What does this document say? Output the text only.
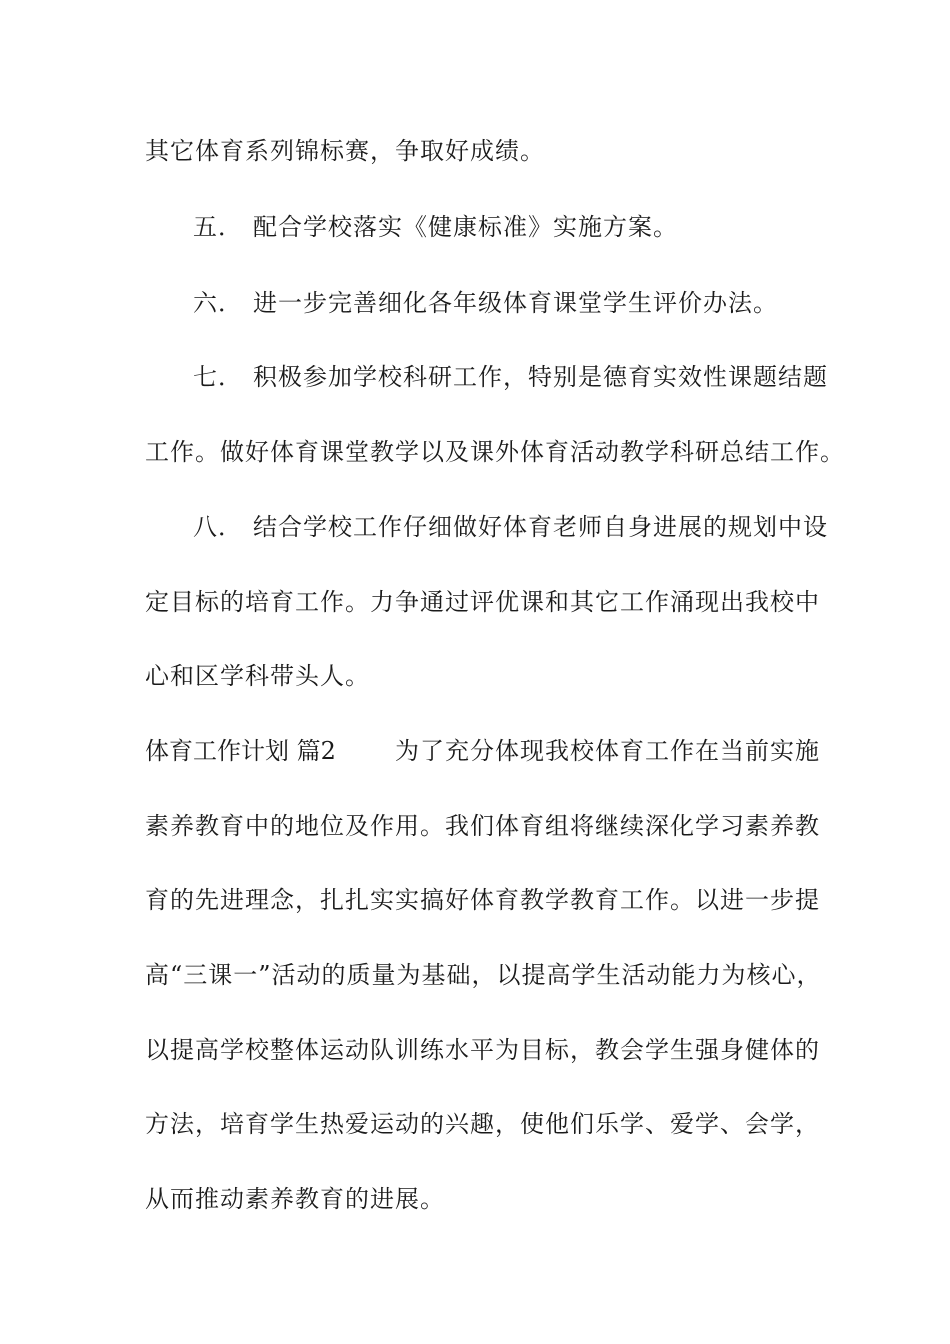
其它体育系列锦标赛，争取好成绩。
五． 配合学校落实《健康标准》实施方案。
六． 进一步完善细化各年级体育课堂学生评价办法。
七． 积极参加学校科研工作，特别是德育实效性课题结题
工作。做好体育课堂教学以及课外体育活动教学科研总结工作。
八． 结合学校工作仔细做好体育老师自身进展的规划中设
定目标的培育工作。力争通过评优课和其它工作涌现出我校中
心和区学科带头人。
体育工作计划 篇2 为了充分体现我校体育工作在当前实施
素养教育中的地位及作用。我们体育组将继续深化学习素养教
育的先进理念，扎扎实实搞好体育教学教育工作。以进一步提
高“三课一”活动的质量为基础，以提高学生活动能力为核心，
以提高学校整体运动队训练水平为目标，教会学生强身健体的
方法，培育学生热爱运动的兴趣，使他们乐学、爱学、会学，
从而推动素养教育的进展。
